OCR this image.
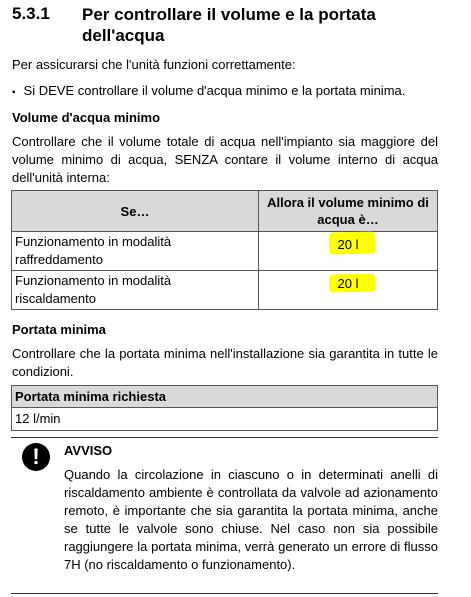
5.3.1 Per controllare il volume e la portata dell'acqua
Per assicurarsi che l'unità funzioni correttamente:
▪ Si DEVE controllare il volume d'acqua minimo e la portata minima.
Volume d'acqua minimo
Controllare che il volume totale di acqua nell'impianto sia maggiore del volume minimo di acqua, SENZA contare il volume interno di acqua dell'unità interna:
Se…	Allora il volume minimo di acqua è…
Funzionamento in modalità raffreddamento	20 l
Funzionamento in modalità riscaldamento	20 l
Portata minima
Controllare che la portata minima nell'installazione sia garantita in tutte le condizioni.
Portata minima richiesta
12 l/min
!	AVVISO
Quando la circolazione in ciascuno o in determinati anelli di riscaldamento ambiente è controllata da valvole ad azionamento remoto, è importante che sia garantita la portata minima, anche se tutte le valvole sono chiuse. Nel caso non sia possibile raggiungere la portata minima, verrà generato un errore di flusso 7H (no riscaldamento o funzionamento).
